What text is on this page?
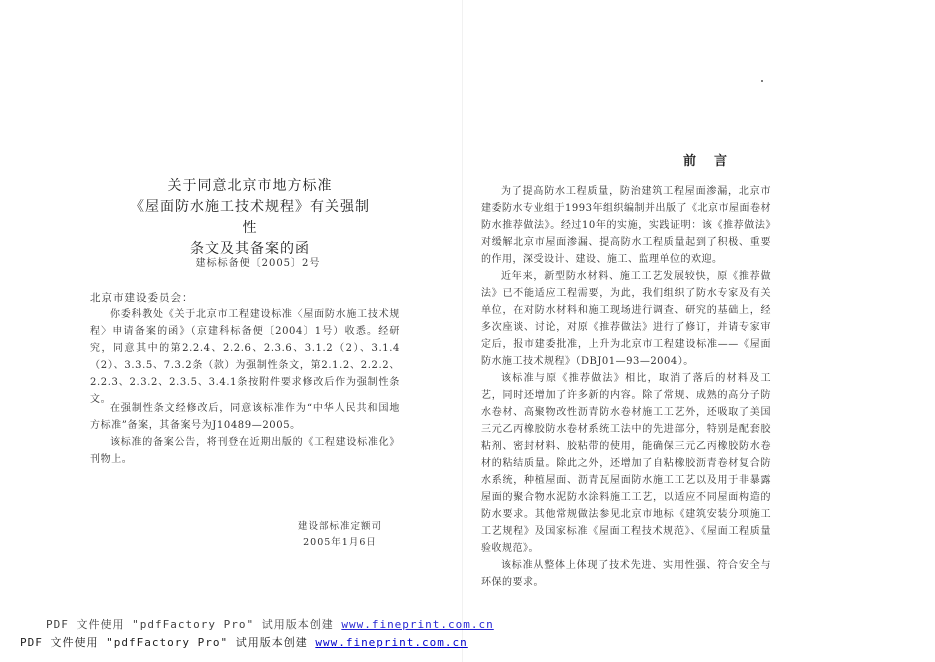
关于同意北京市地方标准
《屋面防水施工技术规程》有关强制性
条文及其备案的函
建标标备便〔2005〕2号
北京市建设委员会：

你委科教处《关于北京市工程建设标准〈屋面防水施工技术规程〉申请备案的函》（京建科标备便〔2004〕1号）收悉。经研究，同意其中的第2.2.4、2.2.6、2.3.6、3.1.2（2）、3.1.4（2）、3.3.5、7.3.2条（款）为强制性条文，第2.1.2、2.2.2、2.2.3、2.3.2、2.3.5、3.4.1条按附件要求修改后作为强制性条文。

在强制性条文经修改后，同意该标准作为“中华人民共和国地方标准”备案，其备案号为J10489—2005。

该标准的备案公告，将刊登在近期出版的《工程建设标准化》刊物上。

建设部标准定额司
2005年1月6日
前言

为了提高防水工程质量，防治建筑工程屋面渗漏，北京市建委防水专业组于1993年组织编制并出版了《北京市屋面卷材防水推荐做法》。经过10年的实施，实践证明：该《推荐做法》对缓解北京市屋面渗漏、提高防水工程质量起到了积极、重要的作用，深受设计、建设、施工、监理单位的欢迎。

近年来，新型防水材料、施工工艺发展较快，原《推荐做法》已不能适应工程需要，为此，我们组织了防水专家及有关单位，在对防水材料和施工现场进行调查、研究的基础上，经多次座谈、讨论，对原《推荐做法》进行了修订，并请专家审定后，报市建委批准，上升为北京市工程建设标准——《屋面防水施工技术规程》（DBJ01—93—2004）。

该标准与原《推荐做法》相比，取消了落后的材料及工艺，同时还增加了许多新的内容。除了常规、成熟的高分子防水卷材、高聚物改性沥青防水卷材施工工艺外，还吸取了美国三元乙丙橡胶防水卷材系统工法中的先进部分，特别是配套胶粘剂、密封材料、胶粘带的使用，能确保三元乙丙橡胶防水卷材的粘结质量。除此之外，还增加了自粘橡胶沥青卷材复合防水系统，种植屋面、沥青瓦屋面防水施工工艺以及用于非暴露屋面的聚合物水泥防水涂料施工工艺，以适应不同屋面构造的防水要求。其他常规做法参见北京市地标《建筑安装分项施工工艺规程》及国家标准《屋面工程技术规范》、《屋面工程质量验收规范》。

该标准从整体上体现了技术先进、实用性强、符合安全与环保的要求。

PDF 文件使用 "pdfFactory Pro" 试用版本创建 www.fineprint.com.cn
PDF 文件使用 "pdfFactory Pro" 试用版本创建 www.fineprint.com.cn
